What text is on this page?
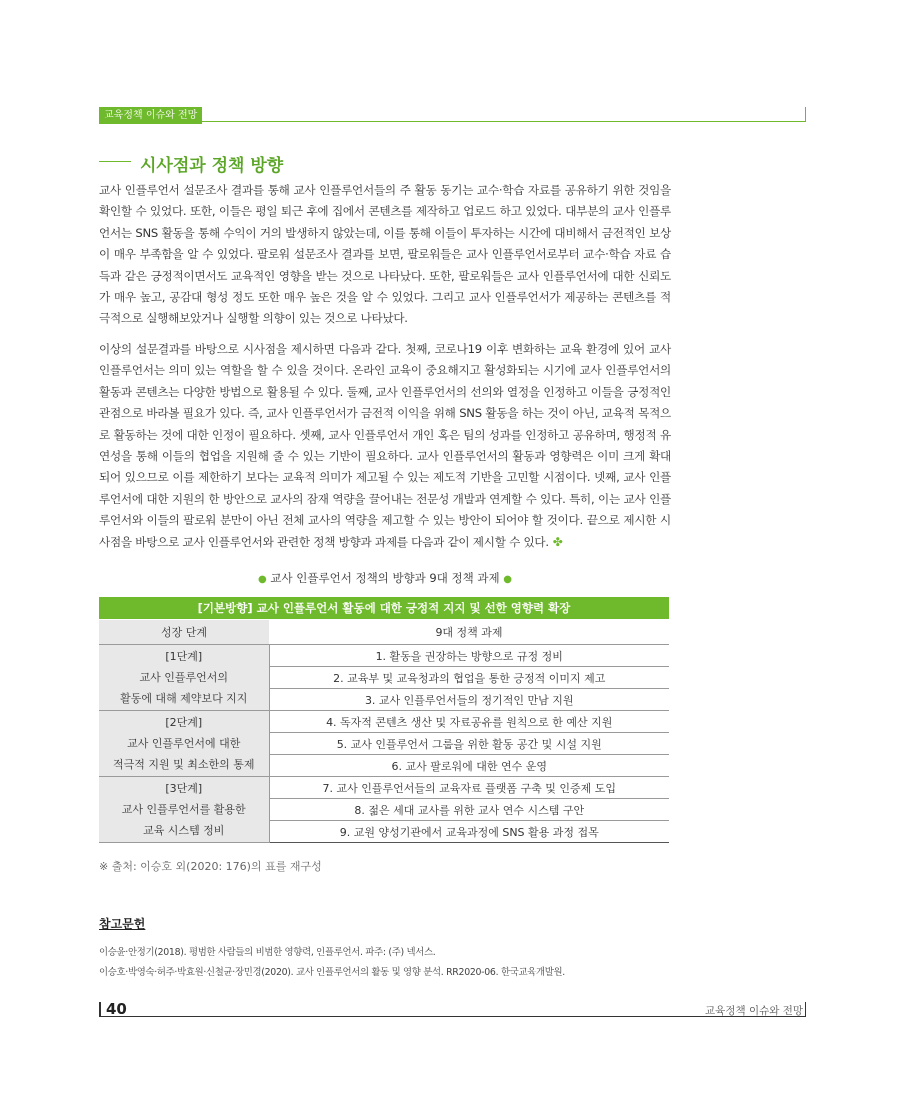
교육정책 이슈와 전망
시사점과 정책 방향

교사 인플루언서 설문조사 결과를 통해 교사 인플루언서들의 주 활동 동기는 교수·학습 자료를 공유하기 위한 것임을 확인할 수 있었다. 또한, 이들은 평일 퇴근 후에 집에서 콘텐츠를 제작하고 업로드 하고 있었다. 대부분의 교사 인플루언서는 SNS 활동을 통해 수익이 거의 발생하지 않았는데, 이를 통해 이들이 투자하는 시간에 대비해서 금전적인 보상이 매우 부족함을 알 수 있었다. 팔로워 설문조사 결과를 보면, 팔로워들은 교사 인플루언서로부터 교수·학습 자료 습득과 같은 긍정적이면서도 교육적인 영향을 받는 것으로 나타났다. 또한, 팔로워들은 교사 인플루언서에 대한 신뢰도가 매우 높고, 공감대 형성 정도 또한 매우 높은 것을 알 수 있었다. 그리고 교사 인플루언서가 제공하는 콘텐츠를 적극적으로 실행해보았거나 실행할 의향이 있는 것으로 나타났다.

이상의 설문결과를 바탕으로 시사점을 제시하면 다음과 같다. 첫째, 코로나19 이후 변화하는 교육 환경에 있어 교사 인플루언서는 의미 있는 역할을 할 수 있을 것이다. 온라인 교육이 중요해지고 활성화되는 시기에 교사 인플루언서의 활동과 콘텐츠는 다양한 방법으로 활용될 수 있다. 둘째, 교사 인플루언서의 선의와 열정을 인정하고 이들을 긍정적인 관점으로 바라볼 필요가 있다. 즉, 교사 인플루언서가 금전적 이익을 위해 SNS 활동을 하는 것이 아닌, 교육적 목적으로 활동하는 것에 대한 인정이 필요하다. 셋째, 교사 인플루언서 개인 혹은 팀의 성과를 인정하고 공유하며, 행정적 유연성을 통해 이들의 협업을 지원해 줄 수 있는 기반이 필요하다. 교사 인플루언서의 활동과 영향력은 이미 크게 확대되어 있으므로 이를 제한하기 보다는 교육적 의미가 제고될 수 있는 제도적 기반을 고민할 시점이다. 넷째, 교사 인플루언서에 대한 지원의 한 방안으로 교사의 잠재 역량을 끌어내는 전문성 개발과 연계할 수 있다. 특히, 이는 교사 인플루언서와 이들의 팔로워 분만이 아닌 전체 교사의 역량을 제고할 수 있는 방안이 되어야 할 것이다. 끝으로 제시한 시사점을 바탕으로 교사 인플루언서와 관련한 정책 방향과 과제를 다음과 같이 제시할 수 있다. ✤

● 교사 인플루언서 정책의 방향과 9대 정책 과제 ●
[기본방향] 교사 인플루언서 활동에 대한 긍정적 지지 및 선한 영향력 확장	
성장 단계	9대 정책 과제

[1단계]
교사 인플루언서의
활동에 대해 제약보다 지지	1. 활동을 권장하는 방향으로 규정 정비
	2. 교육부 및 교육청과의 협업을 통한 긍정적 이미지 제고
	3. 교사 인플루언서들의 정기적인 만남 지원

[2단계]
교사 인플루언서에 대한
적극적 지원 및 최소한의 통제	4. 독자적 콘텐츠 생산 및 자료공유를 원칙으로 한 예산 지원
	5. 교사 인플루언서 그룹을 위한 활동 공간 및 시설 지원
	6. 교사 팔로워에 대한 연수 운영

[3단계]
교사 인플루언서를 활용한
교육 시스템 정비	7. 교사 인플루언서들의 교육자료 플랫폼 구축 및 인증제 도입
	8. 젊은 세대 교사를 위한 교사 연수 시스템 구안
	9. 교원 양성기관에서 교육과정에 SNS 활용 과정 접목
※ 출처: 이승호 외(2020: 176)의 표를 재구성
참고문헌

이승윤·안정기(2018). 평범한 사람들의 비범한 영향력, 인플루언서. 파주: (주) 넥서스.

이승호·박영숙·허주·박효원·신철균·장민경(2020). 교사 인플루언서의 활동 및 영향 분석. RR2020-06. 한국교육개발원.

40	교육정책 이슈와 전망
